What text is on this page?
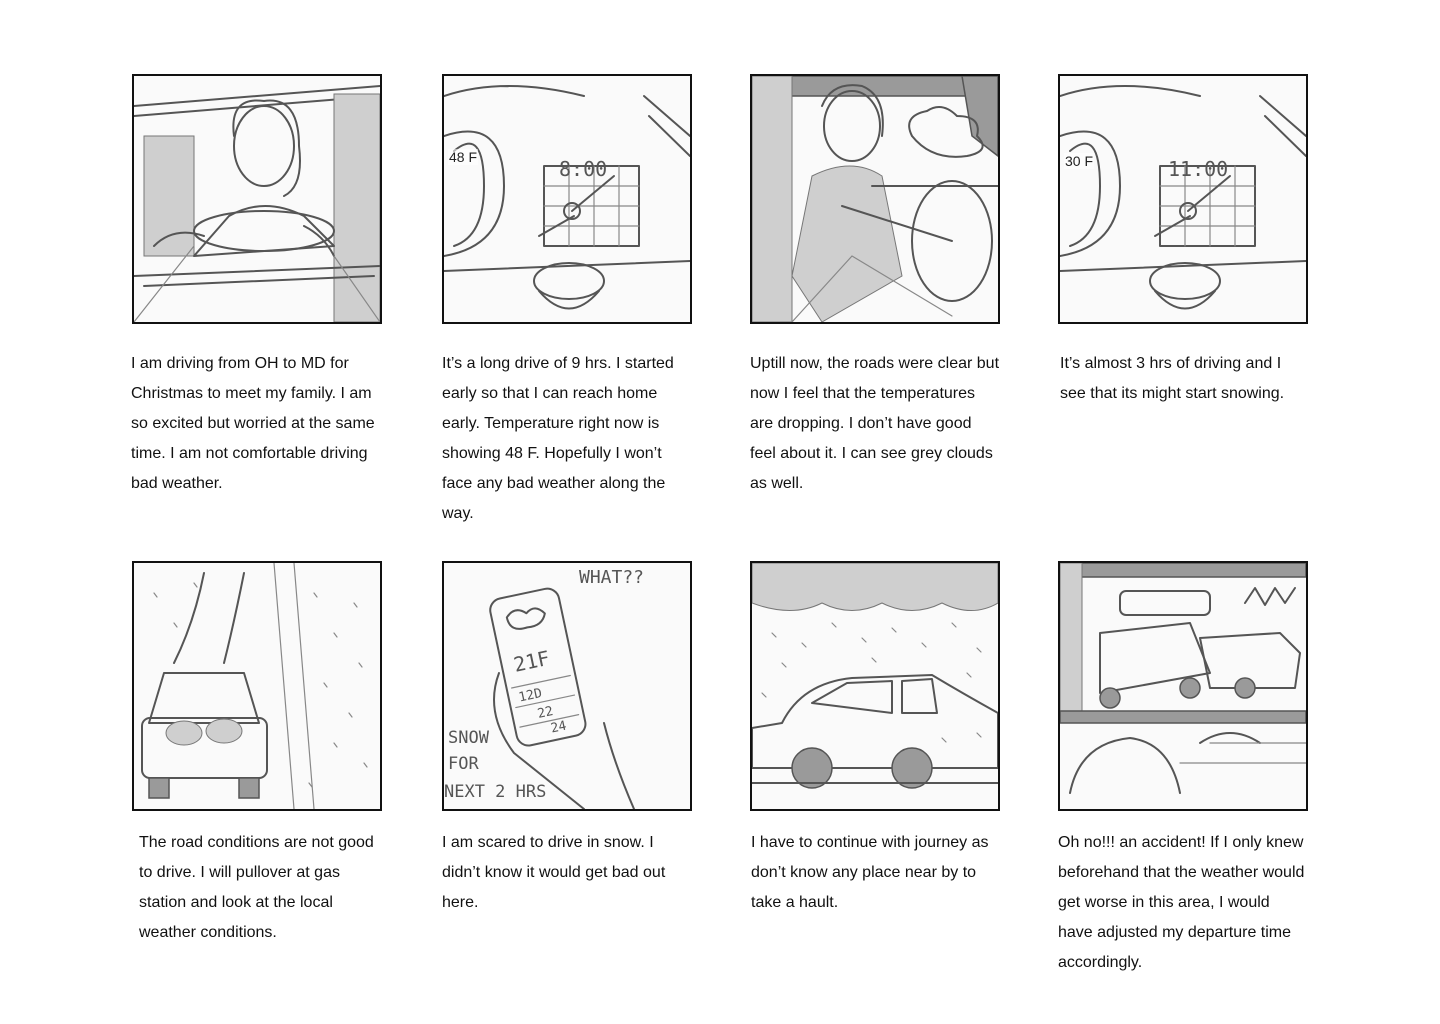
I am driving from OH to MD for Christmas to meet my family. I am so excited but worried at the same time. I am not comfortable driving bad weather.
8:00
48 F
It’s a long drive of 9 hrs. I started early so that I can reach home early. Temperature right now is showing 48 F. Hopefully I won’t face any bad weather along the way.
Uptill now, the roads were clear but now I feel that the temperatures are dropping. I don’t have good feel about it. I can see grey clouds as well.
11:00
30 F
It’s almost 3 hrs of driving and I see that its might start snowing.
The road conditions are not good to drive. I will pullover at gas station and look at the local weather conditions.
WHAT??
21F
12D
22
24
SNOW
FOR
NEXT 2 HRS
I am scared to drive in snow. I didn’t know it would get bad out here.
I have to continue with journey as don’t know any place near by to take a hault.
Oh no!!! an accident! If I only knew beforehand that the weather would get worse in this area, I would have adjusted my departure time accordingly.
